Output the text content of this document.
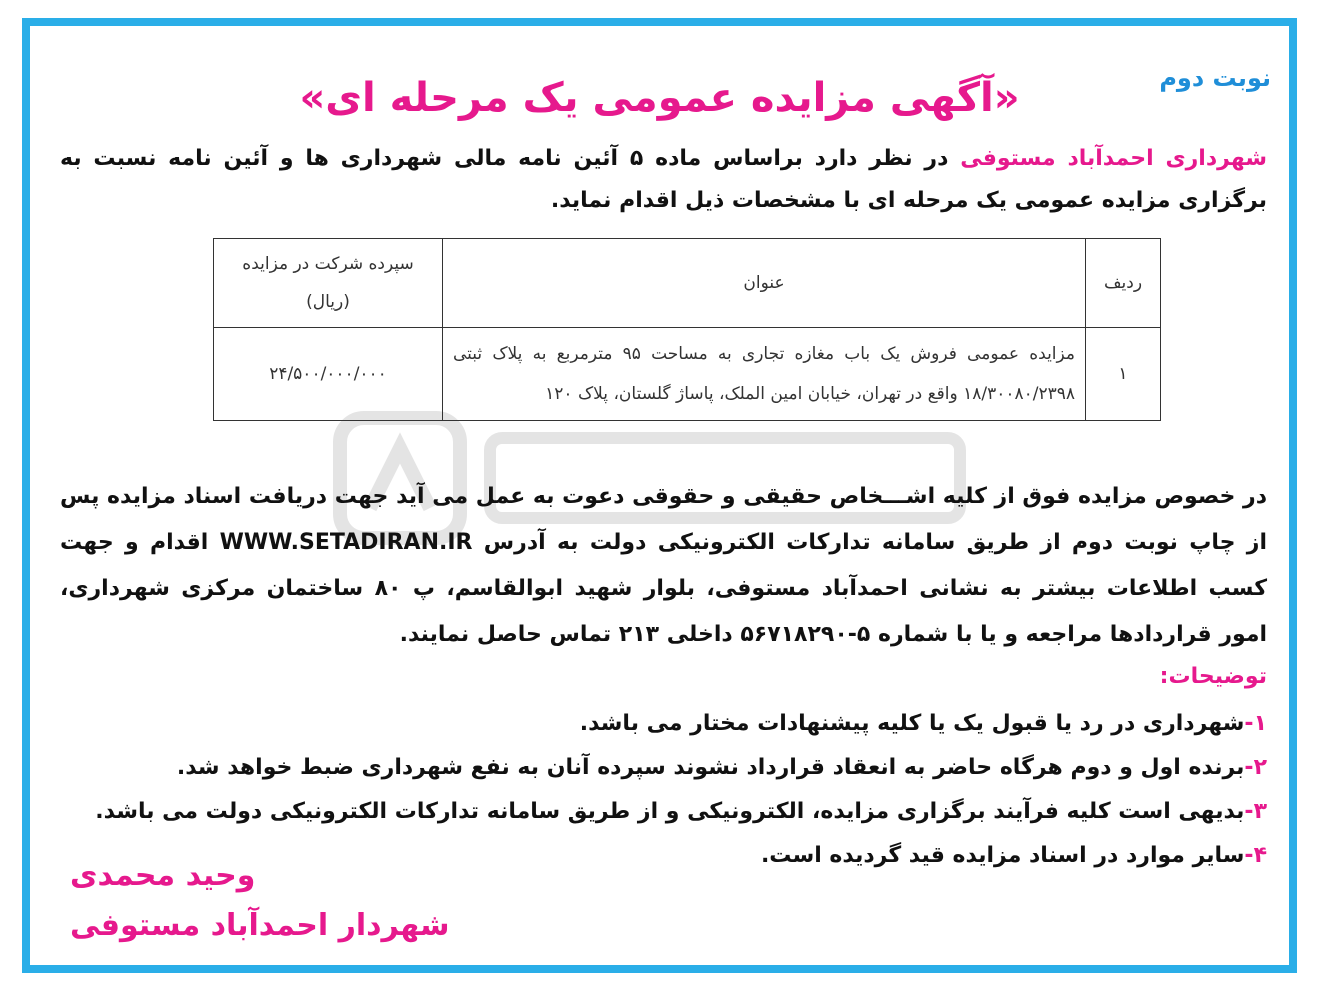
نوبت دوم
«آگهی مزایده عمومی یک مرحله ای»

شهرداری احمدآباد مستوفی در نظر دارد براساس ماده ۵ آئین نامه مالی شهرداری ها و آئین نامه نسبت به برگزاری مزایده عمومی یک مرحله ای با مشخصات ذیل اقدام نماید.

ردیف	عنوان	سپرده شرکت در مزایده (ریال)
۱	مزایده عمومی فروش یک باب مغازه تجاری به مساحت ۹۵ مترمربع به پلاک ثبتی ۱۸/۳۰۰۸۰/۲۳۹۸ واقع در تهران، خیابان امین الملک، پاساژ گلستان، پلاک ۱۲۰	۲۴/۵۰۰/۰۰۰/۰۰۰

در خصوص مزایده فوق از کلیه اشـــخاص حقیقی و حقوقی دعوت به عمل می آید جهت دریافت اسناد مزایده پس از چاپ نوبت دوم از طریق سامانه تدارکات الکترونیکی دولت به آدرس WWW.SETADIRAN.IR اقدام و جهت کسب اطلاعات بیشتر به نشانی احمدآباد مستوفی، بلوار شهید ابوالقاسم، پ ۸۰ ساختمان مرکزی شهرداری، امور قراردادها مراجعه و یا با شماره ۵-۵۶۷۱۸۲۹۰ داخلی ۲۱۳ تماس حاصل نمایند.

توضیحات:
۱-شهرداری در رد یا قبول یک یا کلیه پیشنهادات مختار می باشد.
۲-برنده اول و دوم هرگاه حاضر به انعقاد قرارداد نشوند سپرده آنان به نفع شهرداری ضبط خواهد شد.
۳-بدیهی است کلیه فرآیند برگزاری مزایده، الکترونیکی و از طریق سامانه تدارکات الکترونیکی دولت می باشد.
۴-سایر موارد در اسناد مزایده قید گردیده است.
وحید محمدی
شهردار احمدآباد مستوفی
